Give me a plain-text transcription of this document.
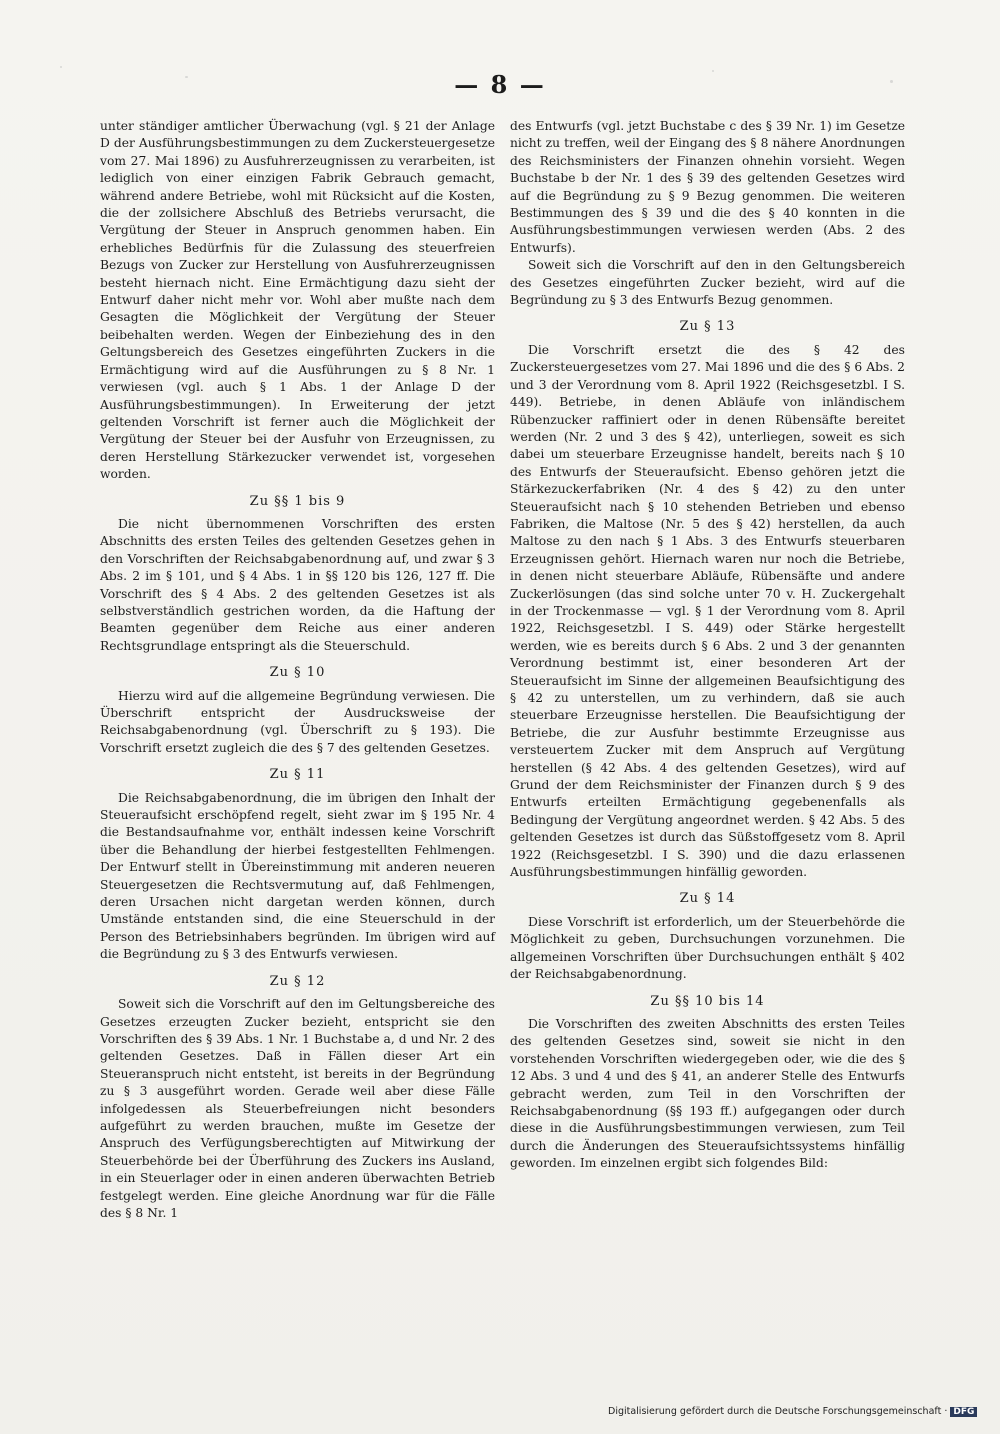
— 8 —

unter ständiger amtlicher Überwachung (vgl. § 21 der Anlage D der Ausführungsbestimmungen zu dem Zuckersteuergesetze vom 27. Mai 1896) zu Ausfuhrerzeugnissen zu verarbeiten, ist lediglich von einer einzigen Fabrik Gebrauch gemacht, während andere Betriebe, wohl mit Rücksicht auf die Kosten, die der zollsichere Abschluß des Betriebs verursacht, die Vergütung der Steuer in Anspruch genommen haben. Ein erhebliches Bedürfnis für die Zulassung des steuerfreien Bezugs von Zucker zur Herstellung von Ausfuhrerzeugnissen besteht hiernach nicht. Eine Ermächtigung dazu sieht der Entwurf daher nicht mehr vor. Wohl aber mußte nach dem Gesagten die Möglichkeit der Vergütung der Steuer beibehalten werden. Wegen der Einbeziehung des in den Geltungsbereich des Gesetzes eingeführten Zuckers in die Ermächtigung wird auf die Ausführungen zu § 8 Nr. 1 verwiesen (vgl. auch § 1 Abs. 1 der Anlage D der Ausführungsbestimmungen). In Erweiterung der jetzt geltenden Vorschrift ist ferner auch die Möglichkeit der Vergütung der Steuer bei der Ausfuhr von Erzeugnissen, zu deren Herstellung Stärkezucker verwendet ist, vorgesehen worden.

Zu §§ 1 bis 9

Die nicht übernommenen Vorschriften des ersten Abschnitts des ersten Teiles des geltenden Gesetzes gehen in den Vorschriften der Reichsabgabenordnung auf, und zwar § 3 Abs. 2 im § 101, und § 4 Abs. 1 in §§ 120 bis 126, 127 ff. Die Vorschrift des § 4 Abs. 2 des geltenden Gesetzes ist als selbstverständlich gestrichen worden, da die Haftung der Beamten gegenüber dem Reiche aus einer anderen Rechtsgrundlage entspringt als die Steuerschuld.

Zu § 10

Hierzu wird auf die allgemeine Begründung verwiesen. Die Überschrift entspricht der Ausdrucksweise der Reichsabgabenordnung (vgl. Überschrift zu § 193). Die Vorschrift ersetzt zugleich die des § 7 des geltenden Gesetzes.

Zu § 11

Die Reichsabgabenordnung, die im übrigen den Inhalt der Steueraufsicht erschöpfend regelt, sieht zwar im § 195 Nr. 4 die Bestandsaufnahme vor, enthält indessen keine Vorschrift über die Behandlung der hierbei festgestellten Fehlmengen. Der Entwurf stellt in Übereinstimmung mit anderen neueren Steuergesetzen die Rechtsvermutung auf, daß Fehlmengen, deren Ursachen nicht dargetan werden können, durch Umstände entstanden sind, die eine Steuerschuld in der Person des Betriebsinhabers begründen. Im übrigen wird auf die Begründung zu § 3 des Entwurfs verwiesen.

Zu § 12

Soweit sich die Vorschrift auf den im Geltungsbereiche des Gesetzes erzeugten Zucker bezieht, entspricht sie den Vorschriften des § 39 Abs. 1 Nr. 1 Buchstabe a, d und Nr. 2 des geltenden Gesetzes. Daß in Fällen dieser Art ein Steueranspruch nicht entsteht, ist bereits in der Begründung zu § 3 ausgeführt worden. Gerade weil aber diese Fälle infolgedessen als Steuerbefreiungen nicht besonders aufgeführt zu werden brauchen, mußte im Gesetze der Anspruch des Verfügungsberechtigten auf Mitwirkung der Steuerbehörde bei der Überführung des Zuckers ins Ausland, in ein Steuerlager oder in einen anderen überwachten Betrieb festgelegt werden. Eine gleiche Anordnung war für die Fälle des § 8 Nr. 1

des Entwurfs (vgl. jetzt Buchstabe c des § 39 Nr. 1) im Gesetze nicht zu treffen, weil der Eingang des § 8 nähere Anordnungen des Reichsministers der Finanzen ohnehin vorsieht. Wegen Buchstabe b der Nr. 1 des § 39 des geltenden Gesetzes wird auf die Begründung zu § 9 Bezug genommen. Die weiteren Bestimmungen des § 39 und die des § 40 konnten in die Ausführungsbestimmungen verwiesen werden (Abs. 2 des Entwurfs).

Soweit sich die Vorschrift auf den in den Geltungsbereich des Gesetzes eingeführten Zucker bezieht, wird auf die Begründung zu § 3 des Entwurfs Bezug genommen.

Zu § 13

Die Vorschrift ersetzt die des § 42 des Zuckersteuergesetzes vom 27. Mai 1896 und die des § 6 Abs. 2 und 3 der Verordnung vom 8. April 1922 (Reichsgesetzbl. I S. 449). Betriebe, in denen Abläufe von inländischem Rübenzucker raffiniert oder in denen Rübensäfte bereitet werden (Nr. 2 und 3 des § 42), unterliegen, soweit es sich dabei um steuerbare Erzeugnisse handelt, bereits nach § 10 des Entwurfs der Steueraufsicht. Ebenso gehören jetzt die Stärkezuckerfabriken (Nr. 4 des § 42) zu den unter Steueraufsicht nach § 10 stehenden Betrieben und ebenso Fabriken, die Maltose (Nr. 5 des § 42) herstellen, da auch Maltose zu den nach § 1 Abs. 3 des Entwurfs steuerbaren Erzeugnissen gehört. Hiernach waren nur noch die Betriebe, in denen nicht steuerbare Abläufe, Rübensäfte und andere Zuckerlösungen (das sind solche unter 70 v. H. Zuckergehalt in der Trockenmasse — vgl. § 1 der Verordnung vom 8. April 1922, Reichsgesetzbl. I S. 449) oder Stärke hergestellt werden, wie es bereits durch § 6 Abs. 2 und 3 der genannten Verordnung bestimmt ist, einer besonderen Art der Steueraufsicht im Sinne der allgemeinen Beaufsichtigung des § 42 zu unterstellen, um zu verhindern, daß sie auch steuerbare Erzeugnisse herstellen. Die Beaufsichtigung der Betriebe, die zur Ausfuhr bestimmte Erzeugnisse aus versteuertem Zucker mit dem Anspruch auf Vergütung herstellen (§ 42 Abs. 4 des geltenden Gesetzes), wird auf Grund der dem Reichsminister der Finanzen durch § 9 des Entwurfs erteilten Ermächtigung gegebenenfalls als Bedingung der Vergütung angeordnet werden. § 42 Abs. 5 des geltenden Gesetzes ist durch das Süßstoffgesetz vom 8. April 1922 (Reichsgesetzbl. I S. 390) und die dazu erlassenen Ausführungsbestimmungen hinfällig geworden.

Zu § 14

Diese Vorschrift ist erforderlich, um der Steuerbehörde die Möglichkeit zu geben, Durchsuchungen vorzunehmen. Die allgemeinen Vorschriften über Durchsuchungen enthält § 402 der Reichsabgabenordnung.

Zu §§ 10 bis 14

Die Vorschriften des zweiten Abschnitts des ersten Teiles des geltenden Gesetzes sind, soweit sie nicht in den vorstehenden Vorschriften wiedergegeben oder, wie die des § 12 Abs. 3 und 4 und des § 41, an anderer Stelle des Entwurfs gebracht werden, zum Teil in den Vorschriften der Reichsabgabenordnung (§§ 193 ff.) aufgegangen oder durch diese in die Ausführungsbestimmungen verwiesen, zum Teil durch die Änderungen des Steueraufsichtssystems hinfällig geworden. Im einzelnen ergibt sich folgendes Bild:

Digitalisierung gefördert durch die Deutsche Forschungsgemeinschaft · DFG
